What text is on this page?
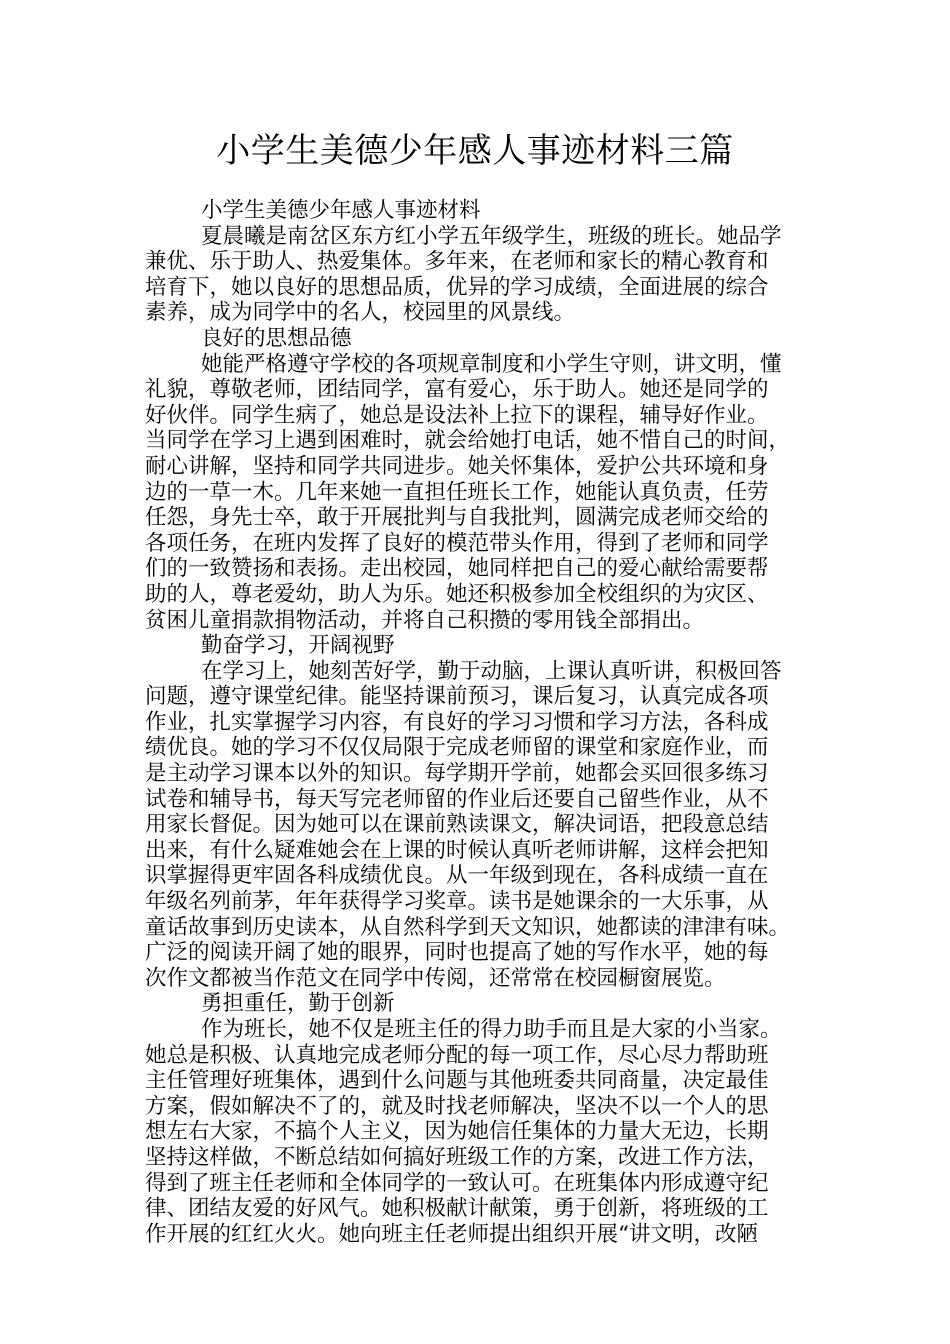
小学生美德少年感人事迹材料三篇
小学生美德少年感人事迹材料
夏晨曦是南岔区东方红小学五年级学生，班级的班长。她品学
兼优、乐于助人、热爱集体。多年来，在老师和家长的精心教育和
培育下，她以良好的思想品质，优异的学习成绩，全面进展的综合
素养，成为同学中的名人，校园里的风景线。
良好的思想品德
她能严格遵守学校的各项规章制度和小学生守则，讲文明，懂
礼貌，尊敬老师，团结同学，富有爱心，乐于助人。她还是同学的
好伙伴。同学生病了，她总是设法补上拉下的课程，辅导好作业。
当同学在学习上遇到困难时，就会给她打电话，她不惜自己的时间，
耐心讲解，坚持和同学共同进步。她关怀集体，爱护公共环境和身
边的一草一木。几年来她一直担任班长工作，她能认真负责，任劳
任怨，身先士卒，敢于开展批判与自我批判，圆满完成老师交给的
各项任务，在班内发挥了良好的模范带头作用，得到了老师和同学
们的一致赞扬和表扬。走出校园，她同样把自己的爱心献给需要帮
助的人，尊老爱幼，助人为乐。她还积极参加全校组织的为灾区、
贫困儿童捐款捐物活动，并将自己积攒的零用钱全部捐出。
勤奋学习，开阔视野
在学习上，她刻苦好学，勤于动脑，上课认真听讲，积极回答
问题，遵守课堂纪律。能坚持课前预习，课后复习，认真完成各项
作业，扎实掌握学习内容，有良好的学习习惯和学习方法，各科成
绩优良。她的学习不仅仅局限于完成老师留的课堂和家庭作业，而
是主动学习课本以外的知识。每学期开学前，她都会买回很多练习
试卷和辅导书，每天写完老师留的作业后还要自己留些作业，从不
用家长督促。因为她可以在课前熟读课文，解决词语，把段意总结
出来，有什么疑难她会在上课的时候认真听老师讲解，这样会把知
识掌握得更牢固各科成绩优良。从一年级到现在，各科成绩一直在
年级名列前茅，年年获得学习奖章。读书是她课余的一大乐事，从
童话故事到历史读本，从自然科学到天文知识，她都读的津津有味。
广泛的阅读开阔了她的眼界，同时也提高了她的写作水平，她的每
次作文都被当作范文在同学中传阅，还常常在校园橱窗展览。
勇担重任，勤于创新
作为班长，她不仅是班主任的得力助手而且是大家的小当家。
她总是积极、认真地完成老师分配的每一项工作，尽心尽力帮助班
主任管理好班集体，遇到什么问题与其他班委共同商量，决定最佳
方案，假如解决不了的，就及时找老师解决，坚决不以一个人的思
想左右大家，不搞个人主义，因为她信任集体的力量大无边，长期
坚持这样做，不断总结如何搞好班级工作的方案，改进工作方法，
得到了班主任老师和全体同学的一致认可。在班集体内形成遵守纪
律、团结友爱的好风气。她积极献计献策，勇于创新，将班级的工
作开展的红红火火。她向班主任老师提出组织开展“讲文明，改陋
